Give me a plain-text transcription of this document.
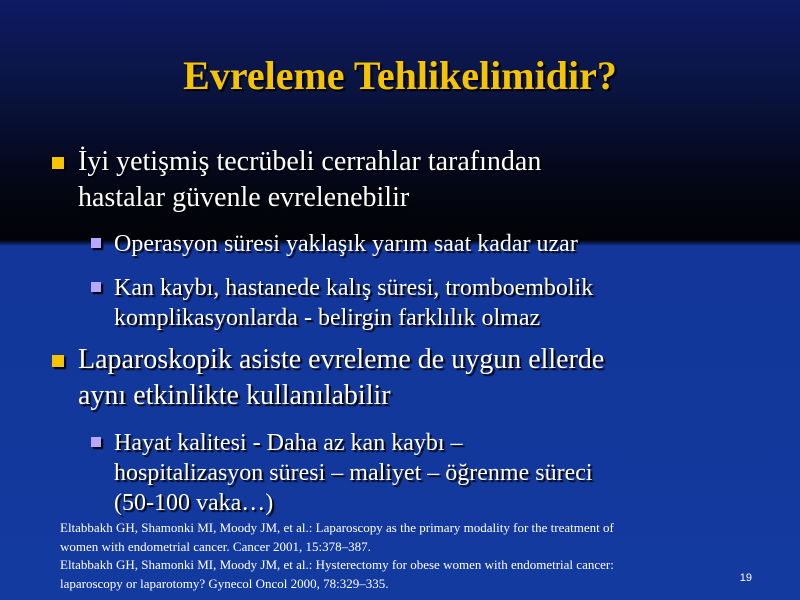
Evreleme Tehlikelimidir?
İyi yetişmiş tecrübeli cerrahlar tarafından
hastalar güvenle evrelenebilir
Operasyon süresi yaklaşık yarım saat kadar uzar
Kan kaybı, hastanede kalış süresi, tromboembolik
komplikasyonlarda - belirgin farklılık olmaz
Laparoskopik asiste evreleme de uygun ellerde
aynı etkinlikte kullanılabilir
Hayat kalitesi - Daha az kan kaybı –
hospitalizasyon süresi – maliyet – öğrenme süreci
(50-100 vaka…)
Eltabbakh GH, Shamonki MI, Moody JM, et al.: Laparoscopy as the primary modality for the treatment of
women with endometrial cancer. Cancer 2001, 15:378–387.
Eltabbakh GH, Shamonki MI, Moody JM, et al.: Hysterectomy for obese women with endometrial cancer:
laparoscopy or laparotomy? Gynecol Oncol 2000, 78:329–335.	19
